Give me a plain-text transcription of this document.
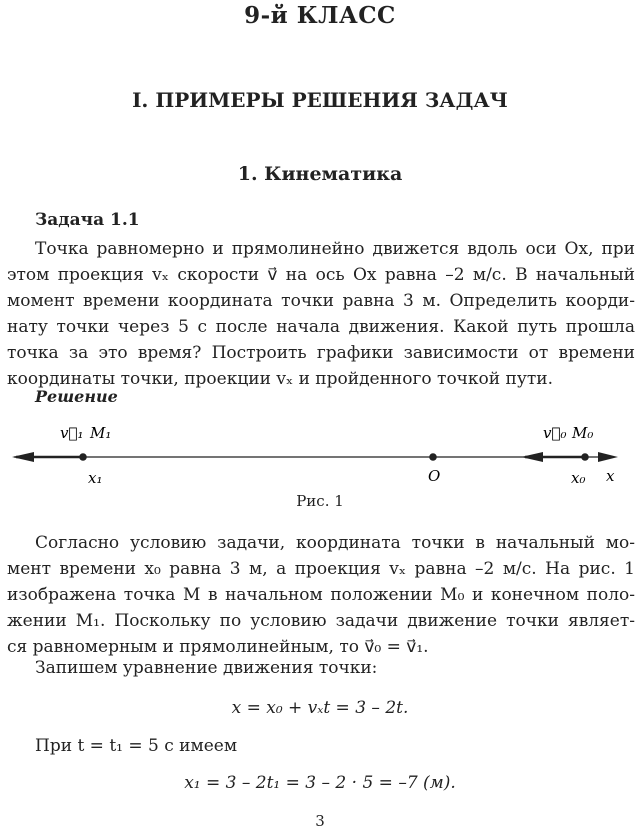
9-й КЛАСС
I. ПРИМЕРЫ РЕШЕНИЯ ЗАДАЧ
1. Кинематика
Задача 1.1
Точка равномерно и прямолинейно движется вдоль оси Ox, при
этом проекция vₓ скорости v⃗ на ось Ox равна –2 м/с. В начальный
момент времени координата точки равна 3 м. Определить коорди-
нату точки через 5 с после начала движения. Какой путь прошла
точка за это время? Построить графики зависимости от времени
координаты точки, проекции vₓ и пройденного точкой пути.
Решение
v⃗₁ M₁	v⃗₀ M₀
x₁	O	x₀ x
Рис. 1
Согласно условию задачи, координата точки в начальный мо-
мент времени x₀ равна 3 м, а проекция vₓ равна –2 м/с. На рис. 1
изображена точка M в начальном положении M₀ и конечном поло-
жении M₁. Поскольку по условию задачи движение точки являет-
ся равномерным и прямолинейным, то v⃗₀ = v⃗₁.
Запишем уравнение движения точки:
x = x₀ + vₓt = 3 – 2t.
При t = t₁ = 5 с имеем
x₁ = 3 – 2t₁ = 3 – 2 · 5 = –7 (м).
3
